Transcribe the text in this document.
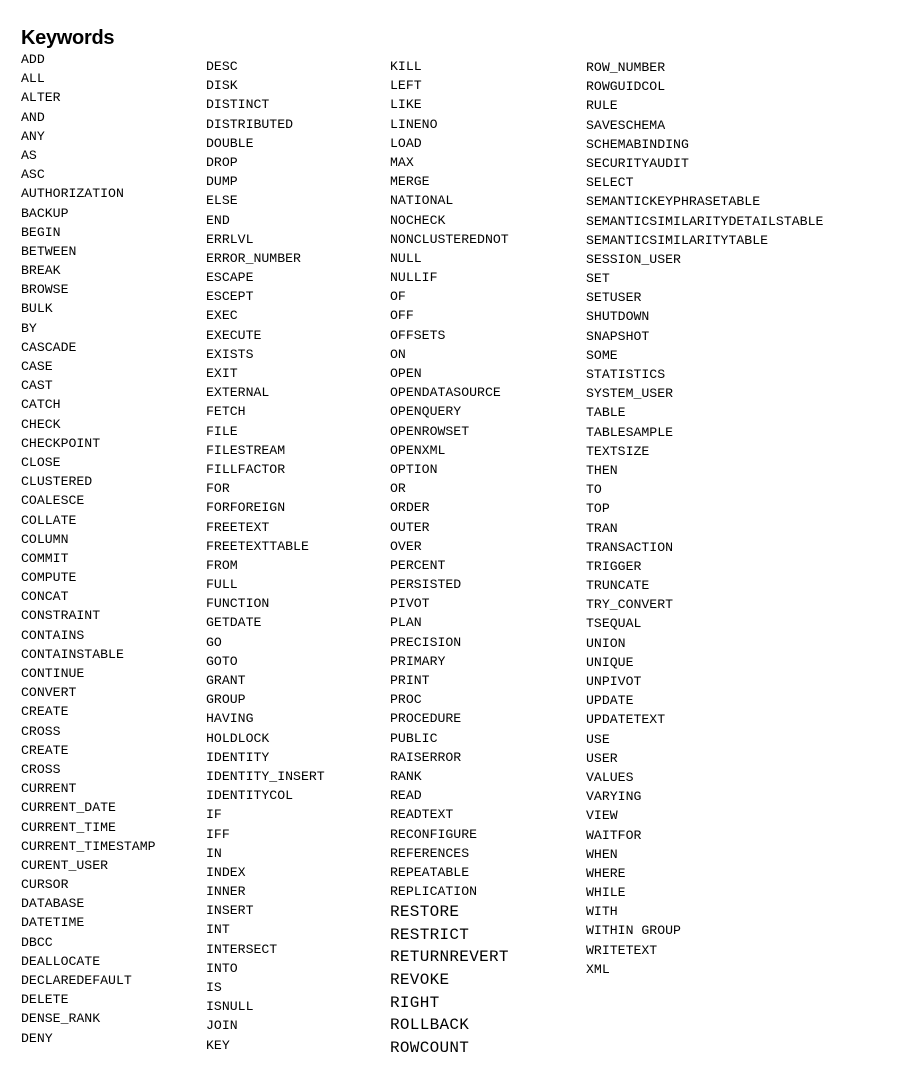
Keywords
ADD
ALL
ALTER
AND
ANY
AS
ASC
AUTHORIZATION
BACKUP
BEGIN
BETWEEN
BREAK
BROWSE
BULK
BY
CASCADE
CASE
CAST
CATCH
CHECK
CHECKPOINT
CLOSE
CLUSTERED
COALESCE
COLLATE
COLUMN
COMMIT
COMPUTE
CONCAT
CONSTRAINT
CONTAINS
CONTAINSTABLE
CONTINUE
CONVERT
CREATE
CROSS
CREATE
CROSS
CURRENT
CURRENT_DATE
CURRENT_TIME
CURRENT_TIMESTAMP
CURENT_USER
CURSOR
DATABASE
DATETIME
DBCC
DEALLOCATE
DECLAREDEFAULT
DELETE
DENSE_RANK
DENY
DESC
DISK
DISTINCT
DISTRIBUTED
DOUBLE
DROP
DUMP
ELSE
END
ERRLVL
ERROR_NUMBER
ESCAPE
ESCEPT
EXEC
EXECUTE
EXISTS
EXIT
EXTERNAL
FETCH
FILE
FILESTREAM
FILLFACTOR
FOR
FORFOREIGN
FREETEXT
FREETEXTTABLE
FROM
FULL
FUNCTION
GETDATE
GO
GOTO
GRANT
GROUP
HAVING
HOLDLOCK
IDENTITY
IDENTITY_INSERT
IDENTITYCOL
IF
IFF
IN
INDEX
INNER
INSERT
INT
INTERSECT
INTO
IS
ISNULL
JOIN
KEY
KILL
LEFT
LIKE
LINENO
LOAD
MAX
MERGE
NATIONAL
NOCHECK
NONCLUSTEREDNOT
NULL
NULLIF
OF
OFF
OFFSETS
ON
OPEN
OPENDATASOURCE
OPENQUERY
OPENROWSET
OPENXML
OPTION
OR
ORDER
OUTER
OVER
PERCENT
PERSISTED
PIVOT
PLAN
PRECISION
PRIMARY
PRINT
PROC
PROCEDURE
PUBLIC
RAISERROR
RANK
READ
READTEXT
RECONFIGURE
REFERENCES
REPEATABLE
REPLICATION
RESTORE
RESTRICT
RETURNREVERT
REVOKE
RIGHT
ROLLBACK
ROWCOUNT
ROW_NUMBER
ROWGUIDCOL
RULE
SAVESCHEMA
SCHEMABINDING
SECURITYAUDIT
SELECT
SEMANTICKEYPHRASETABLE
SEMANTICSIMILARITYDETAILSTABLE
SEMANTICSIMILARITYTABLE
SESSION_USER
SET
SETUSER
SHUTDOWN
SNAPSHOT
SOME
STATISTICS
SYSTEM_USER
TABLE
TABLESAMPLE
TEXTSIZE
THEN
TO
TOP
TRAN
TRANSACTION
TRIGGER
TRUNCATE
TRY_CONVERT
TSEQUAL
UNION
UNIQUE
UNPIVOT
UPDATE
UPDATETEXT
USE
USER
VALUES
VARYING
VIEW
WAITFOR
WHEN
WHERE
WHILE
WITH
WITHIN GROUP
WRITETEXT
XML
